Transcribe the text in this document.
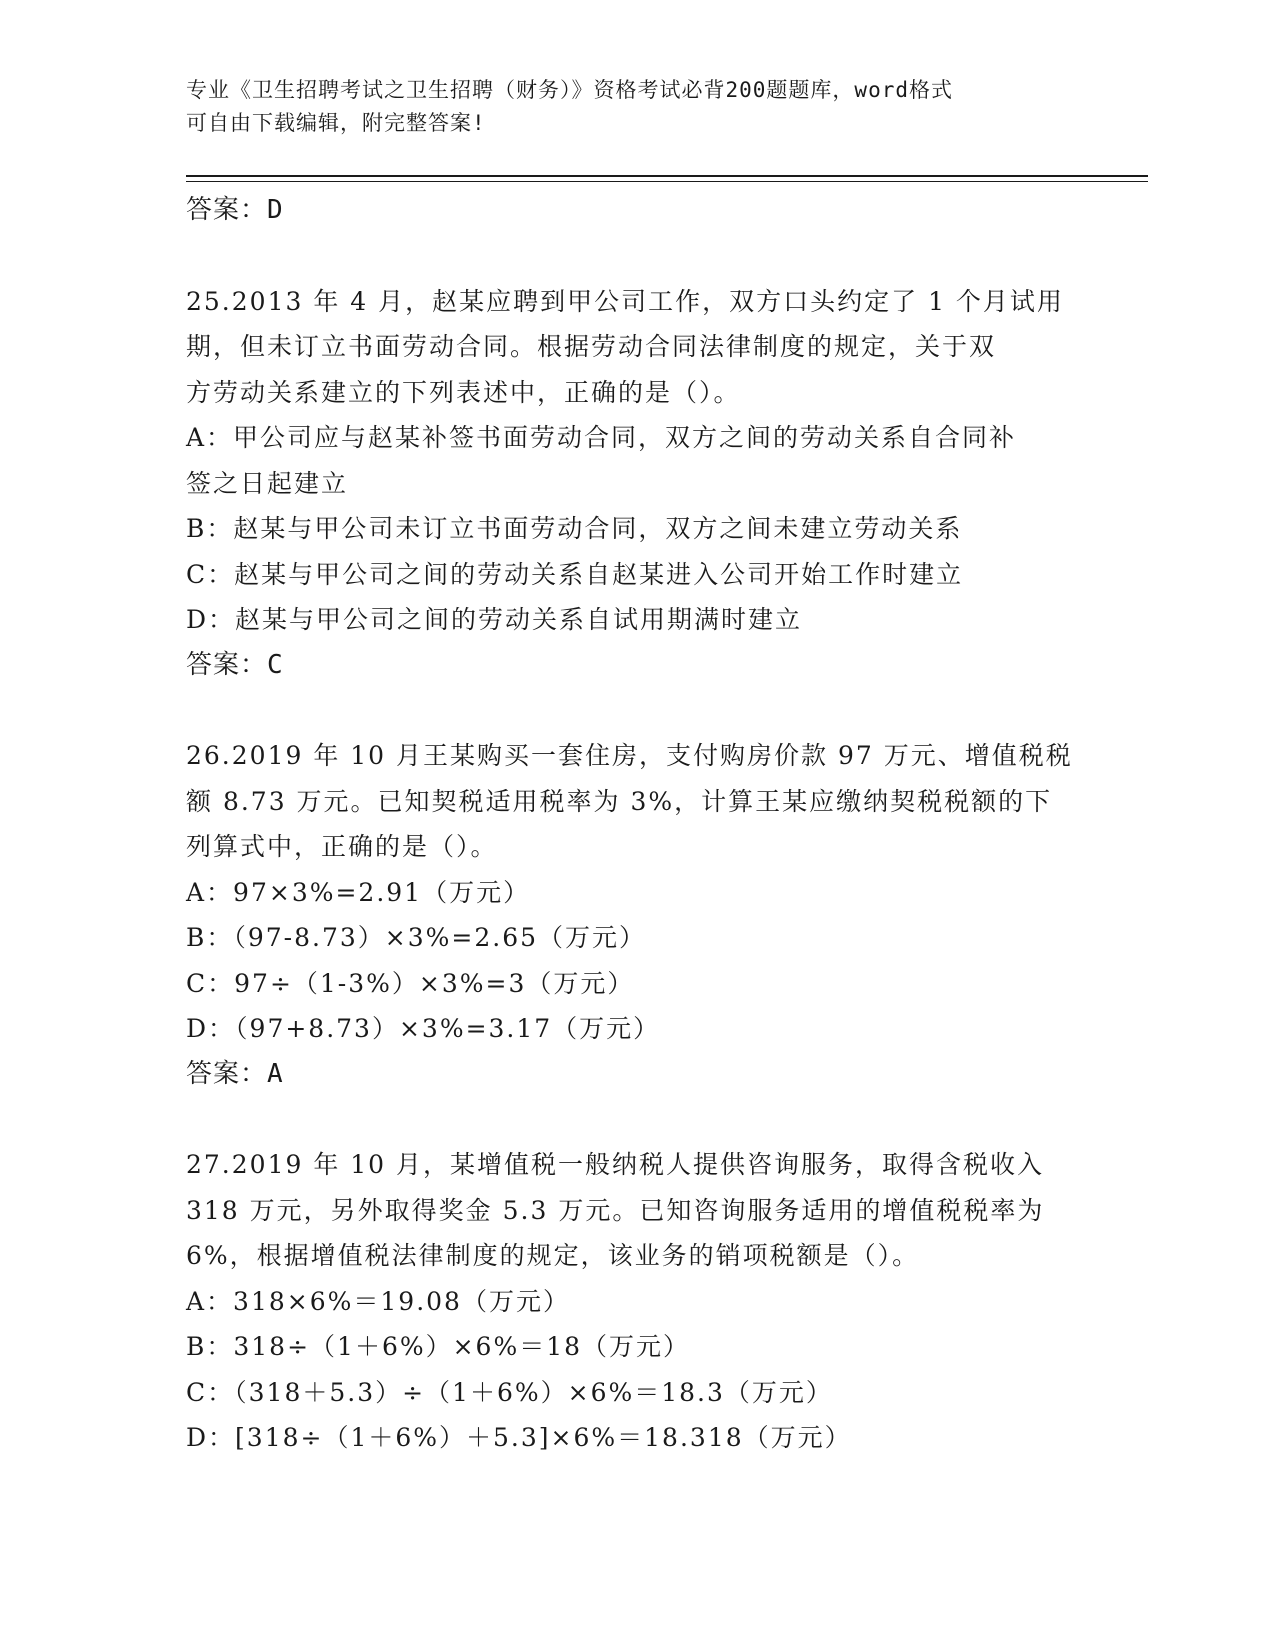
专业《卫生招聘考试之卫生招聘（财务）》资格考试必背200题题库，word格式
可自由下载编辑，附完整答案!
答案：D
25.2013 年 4 月，赵某应聘到甲公司工作，双方口头约定了 1 个月试用
期，但未订立书面劳动合同。根据劳动合同法律制度的规定，关于双
方劳动关系建立的下列表述中，正确的是（）。
A：甲公司应与赵某补签书面劳动合同，双方之间的劳动关系自合同补
签之日起建立
B：赵某与甲公司未订立书面劳动合同，双方之间未建立劳动关系
C：赵某与甲公司之间的劳动关系自赵某进入公司开始工作时建立
D：赵某与甲公司之间的劳动关系自试用期满时建立
答案：C
26.2019 年 10 月王某购买一套住房，支付购房价款 97 万元、增值税税
额 8.73 万元。已知契税适用税率为 3%，计算王某应缴纳契税税额的下
列算式中，正确的是（）。
A：97×3%=2.91（万元）
B：（97-8.73）×3%=2.65（万元）
C：97÷（1-3%）×3%=3（万元）
D：（97+8.73）×3%=3.17（万元）
答案：A
27.2019 年 10 月，某增值税一般纳税人提供咨询服务，取得含税收入
318 万元，另外取得奖金 5.3 万元。已知咨询服务适用的增值税税率为
6%，根据增值税法律制度的规定，该业务的销项税额是（）。
A：318×6%＝19.08（万元）
B：318÷（1＋6%）×6%＝18（万元）
C：（318＋5.3）÷（1＋6%）×6%＝18.3（万元）
D：[318÷（1＋6%）＋5.3]×6%＝18.318（万元）
